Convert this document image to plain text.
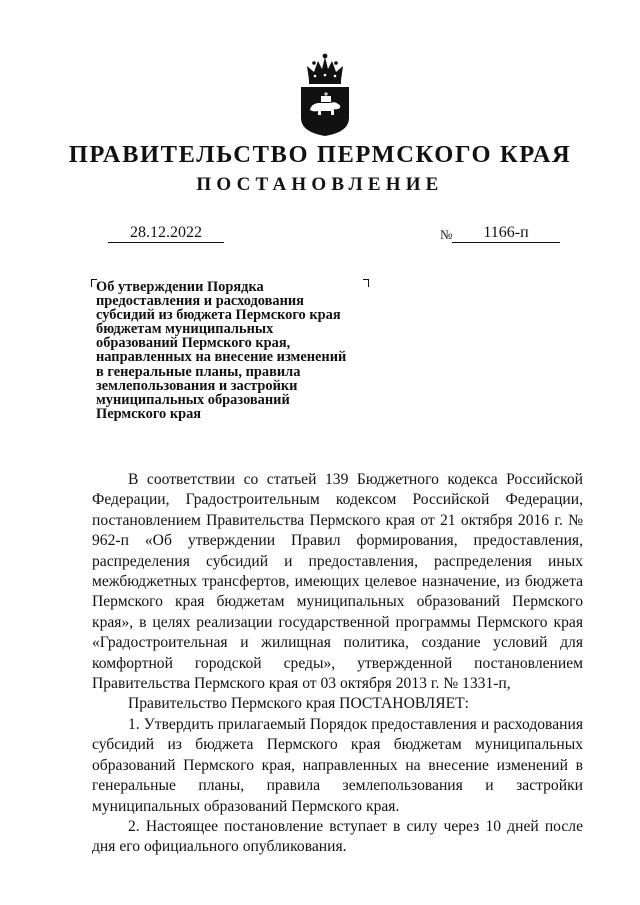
ПРАВИТЕЛЬСТВО ПЕРМСКОГО КРАЯ
ПОСТАНОВЛЕНИЕ
28.12.2022	№	1166-п
Об утверждении Порядка
предоставления и расходования
субсидий из бюджета Пермского края
бюджетам муниципальных
образований Пермского края,
направленных на внесение изменений
в генеральные планы, правила
землепользования и застройки
муниципальных образований
Пермского края

В соответствии со статьей 139 Бюджетного кодекса Российской Федерации, Градостроительным кодексом Российской Федерации, постановлением Правительства Пермского края от 21 октября 2016 г. № 962-п «Об утверждении Правил формирования, предоставления, распределения субсидий и предоставления, распределения иных межбюджетных трансфертов, имеющих целевое назначение, из бюджета Пермского края бюджетам муниципальных образований Пермского края», в целях реализации государственной программы Пермского края «Градостроительная и жилищная политика, создание условий для комфортной городской среды», утвержденной постановлением Правительства Пермского края от 03 октября 2013 г. № 1331-п,

Правительство Пермского края ПОСТАНОВЛЯЕТ:

1. Утвердить прилагаемый Порядок предоставления и расходования субсидий из бюджета Пермского края бюджетам муниципальных образований Пермского края, направленных на внесение изменений в генеральные планы, правила землепользования и застройки муниципальных образований Пермского края.

2. Настоящее постановление вступает в силу через 10 дней после дня его официального опубликования.
